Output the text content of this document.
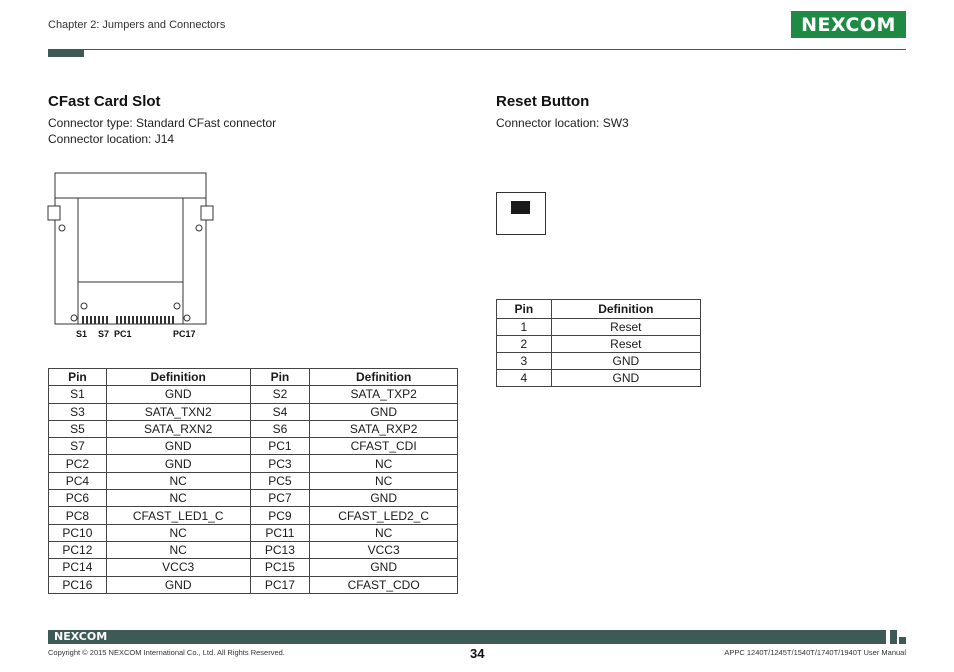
Chapter 2: Jumpers and Connectors	NEXCOM
CFast Card Slot
Connector type: Standard CFast connector
Connector location: J14
S1 S7 PC1	PC17
Pin	Definition	Pin	Definition
S1	GND	S2	SATA_TXP2
S3	SATA_TXN2	S4	GND
S5	SATA_RXN2	S6	SATA_RXP2
S7	GND	PC1	CFAST_CDI
PC2	GND	PC3	NC
PC4	NC	PC5	NC
PC6	NC	PC7	GND
PC8	CFAST_LED1_C	PC9	CFAST_LED2_C
PC10	NC	PC11	NC
PC12	NC	PC13	VCC3
PC14	VCC3	PC15	GND
PC16	GND	PC17	CFAST_CDO
Reset Button
Connector location: SW3
Pin	Definition
1	Reset
2	Reset
3	GND
4	GND
NEXCOM
Copyright © 2015 NEXCOM International Co., Ltd. All Rights Reserved.	34	APPC 1240T/1245T/1540T/1740T/1940T User Manual
